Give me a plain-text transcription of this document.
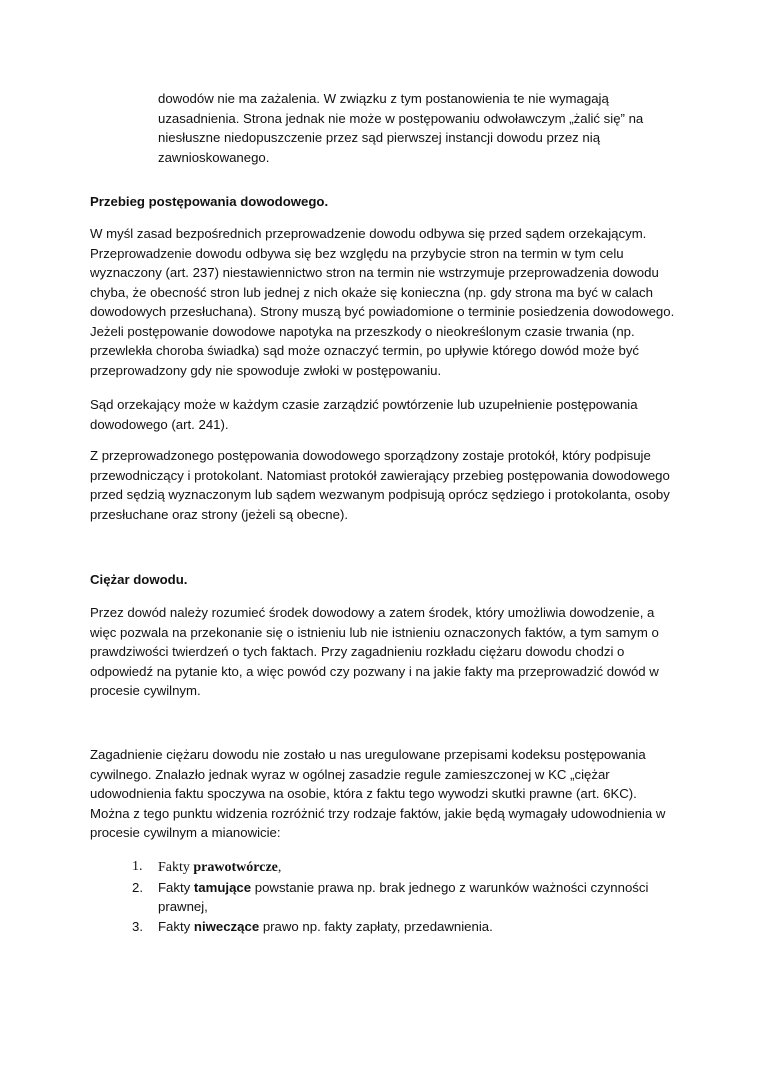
dowodów nie ma zażalenia. W związku z tym postanowienia te nie wymagają uzasadnienia. Strona jednak nie może w postępowaniu odwoławczym „żalić się” na niesłuszne niedopuszczenie przez sąd pierwszej instancji dowodu przez nią zawnioskowanego.

Przebieg postępowania dowodowego.

W myśl zasad bezpośrednich przeprowadzenie dowodu odbywa się przed sądem orzekającym. Przeprowadzenie dowodu odbywa się bez względu na przybycie stron na termin w tym celu wyznaczony (art. 237) niestawiennictwo stron na termin nie wstrzymuje przeprowadzenia dowodu chyba, że obecność stron lub jednej z nich okaże się konieczna (np. gdy strona ma być w calach dowodowych przesłuchana). Strony muszą być powiadomione o terminie posiedzenia dowodowego. Jeżeli postępowanie dowodowe napotyka na przeszkody o nieokreślonym czasie trwania (np. przewlekła choroba świadka) sąd może oznaczyć termin, po upływie którego dowód może być przeprowadzony gdy nie spowoduje zwłoki w postępowaniu.

Sąd orzekający może w każdym czasie zarządzić powtórzenie lub uzupełnienie postępowania dowodowego (art. 241).

Z przeprowadzonego postępowania dowodowego sporządzony zostaje protokół, który podpisuje przewodniczący i protokolant. Natomiast protokół zawierający przebieg postępowania dowodowego przed sędzią wyznaczonym lub sądem wezwanym podpisują oprócz sędziego i protokolanta, osoby przesłuchane oraz strony (jeżeli są obecne).

Ciężar dowodu.

Przez dowód należy rozumieć środek dowodowy a zatem środek, który umożliwia dowodzenie, a więc pozwala na przekonanie się o istnieniu lub nie istnieniu oznaczonych faktów, a tym samym o prawdziwości twierdzeń o tych faktach. Przy zagadnieniu rozkładu ciężaru dowodu chodzi o odpowiedź na pytanie kto, a więc powód czy pozwany i na jakie fakty ma przeprowadzić dowód w procesie cywilnym.

Zagadnienie ciężaru dowodu nie zostało u nas uregulowane przepisami kodeksu postępowania cywilnego. Znalazło jednak wyraz w ogólnej zasadzie regule zamieszczonej w KC „ciężar udowodnienia faktu spoczywa na osobie, która z faktu tego wywodzi skutki prawne (art. 6KC). Można z tego punktu widzenia rozróżnić trzy rodzaje faktów, jakie będą wymagały udowodnienia w procesie cywilnym a mianowicie:

1. Fakty prawotwórcze,
2. Fakty tamujące powstanie prawa np. brak jednego z warunków ważności czynności prawnej,
3. Fakty niweczące prawo np. fakty zapłaty, przedawnienia.
